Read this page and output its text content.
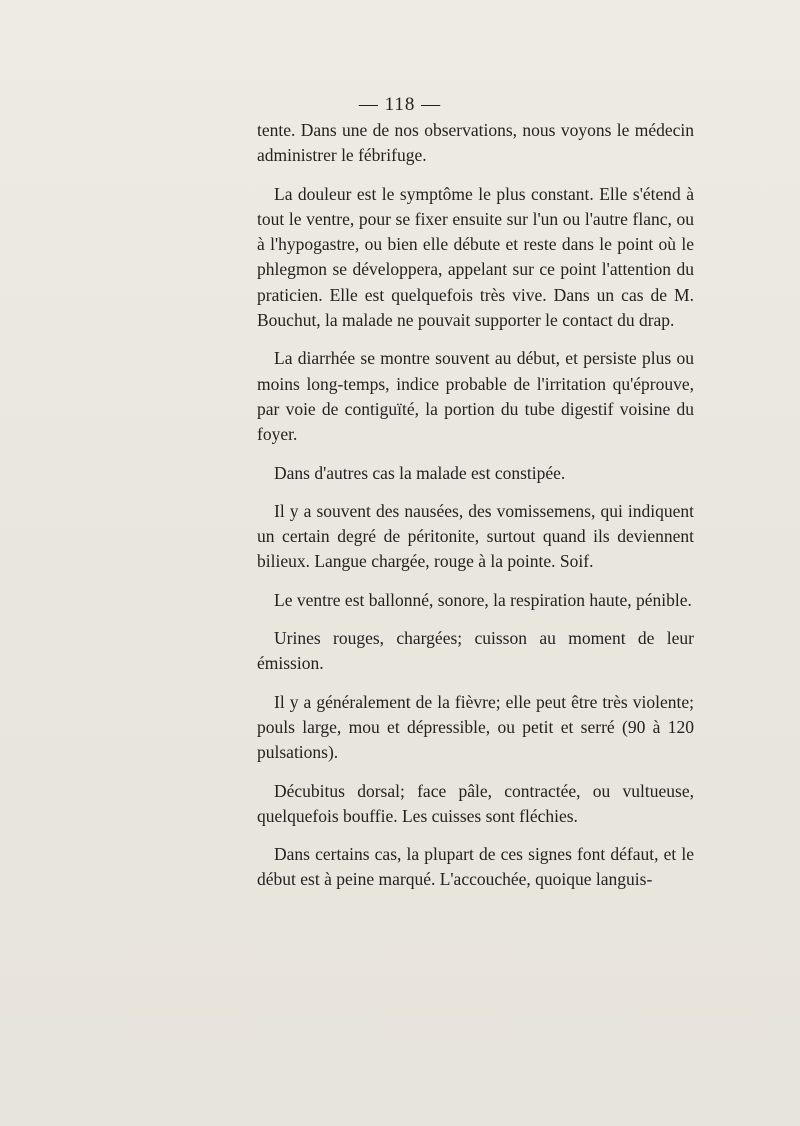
— 118 —

tente. Dans une de nos observations, nous voyons le médecin administrer le fébrifuge.

La douleur est le symptôme le plus constant. Elle s'étend à tout le ventre, pour se fixer ensuite sur l'un ou l'autre flanc, ou à l'hypogastre, ou bien elle débute et reste dans le point où le phlegmon se développera, appelant sur ce point l'attention du praticien. Elle est quelquefois très vive. Dans un cas de M. Bouchut, la malade ne pouvait supporter le contact du drap.

La diarrhée se montre souvent au début, et persiste plus ou moins long-temps, indice probable de l'irritation qu'éprouve, par voie de contiguïté, la portion du tube digestif voisine du foyer.

Dans d'autres cas la malade est constipée.

Il y a souvent des nausées, des vomissemens, qui indiquent un certain degré de péritonite, surtout quand ils deviennent bilieux. Langue chargée, rouge à la pointe. Soif.

Le ventre est ballonné, sonore, la respiration haute, pénible.

Urines rouges, chargées; cuisson au moment de leur émission.

Il y a généralement de la fièvre; elle peut être très violente; pouls large, mou et dépressible, ou petit et serré (90 à 120 pulsations).

Décubitus dorsal; face pâle, contractée, ou vultueuse, quelquefois bouffie. Les cuisses sont fléchies.

Dans certains cas, la plupart de ces signes font défaut, et le début est à peine marqué. L'accouchée, quoique languis-
